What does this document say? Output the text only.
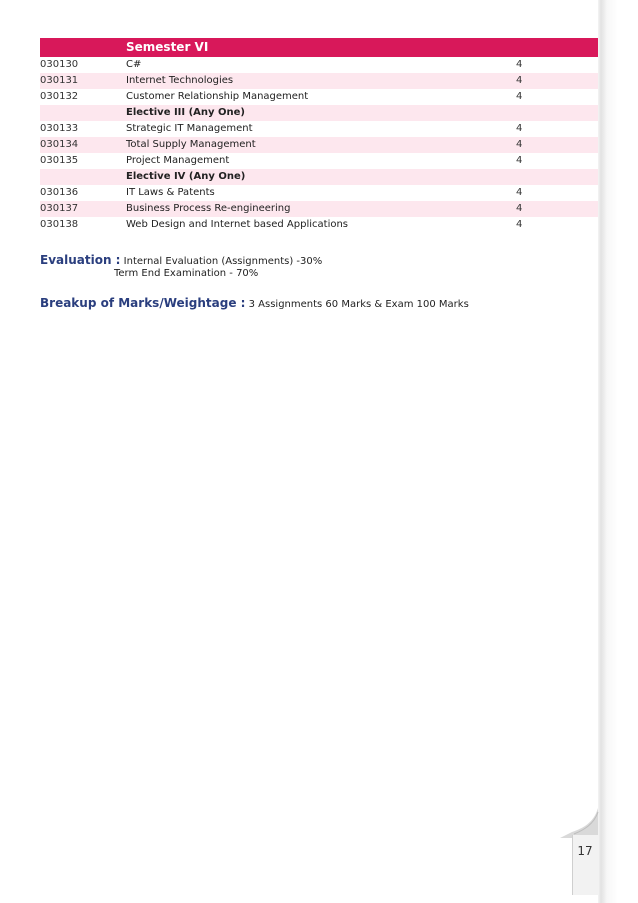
17
	Semester VI	
030130	C#	4
030131	Internet Technologies	4
030132	Customer Relationship Management	4
	Elective III (Any One)	
030133	Strategic IT Management	4
030134	Total Supply Management	4
030135	Project Management	4
	Elective IV (Any One)	
030136	IT Laws & Patents	4
030137	Business Process Re-engineering	4
030138	Web Design and Internet based Applications	4
Evaluation : Internal Evaluation (Assignments) -30%
Term End Examination - 70%
Breakup of Marks/Weightage : 3 Assignments 60 Marks & Exam 100 Marks
